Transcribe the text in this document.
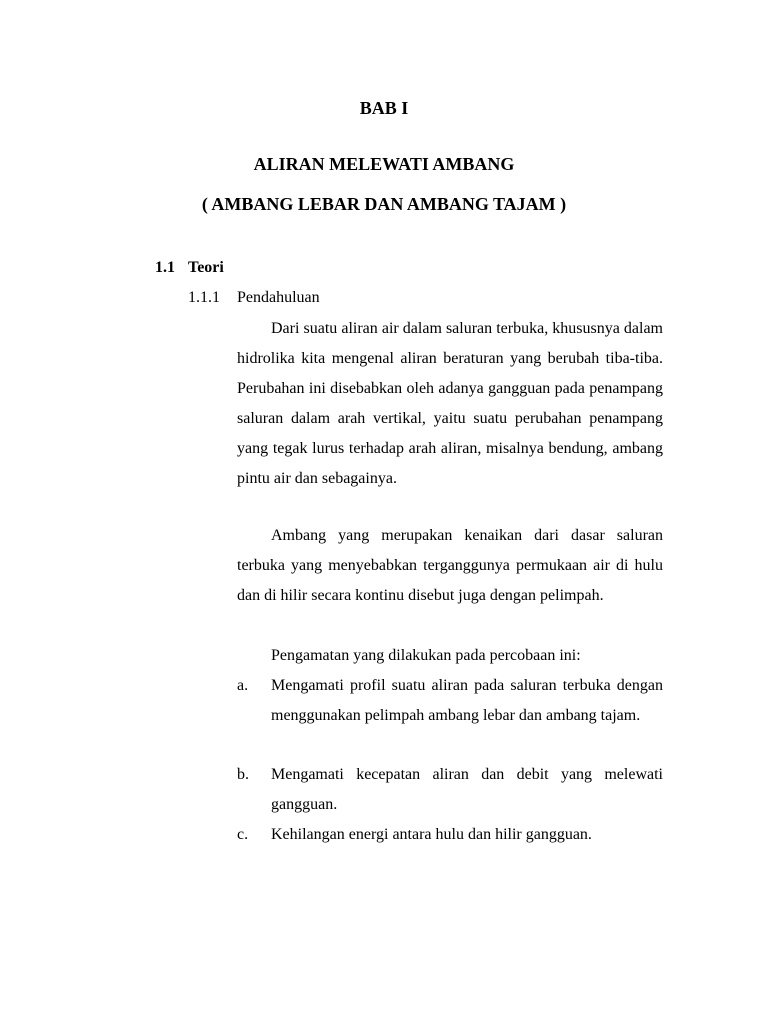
BAB I
ALIRAN MELEWATI AMBANG
( AMBANG LEBAR DAN AMBANG TAJAM )
1.1 Teori
1.1.1 Pendahuluan

Dari suatu aliran air dalam saluran terbuka, khususnya dalam hidrolika kita mengenal aliran beraturan yang berubah tiba-tiba. Perubahan ini disebabkan oleh adanya gangguan pada penampang saluran dalam arah vertikal, yaitu suatu perubahan penampang yang tegak lurus terhadap arah aliran, misalnya bendung, ambang pintu air dan sebagainya.

Ambang yang merupakan kenaikan dari dasar saluran terbuka yang menyebabkan terganggunya permukaan air di hulu dan di hilir secara kontinu disebut juga dengan pelimpah.

Pengamatan yang dilakukan pada percobaan ini:

a. Mengamati profil suatu aliran pada saluran terbuka dengan menggunakan pelimpah ambang lebar dan ambang tajam.

b. Mengamati kecepatan aliran dan debit yang melewati gangguan.

c. Kehilangan energi antara hulu dan hilir gangguan.
